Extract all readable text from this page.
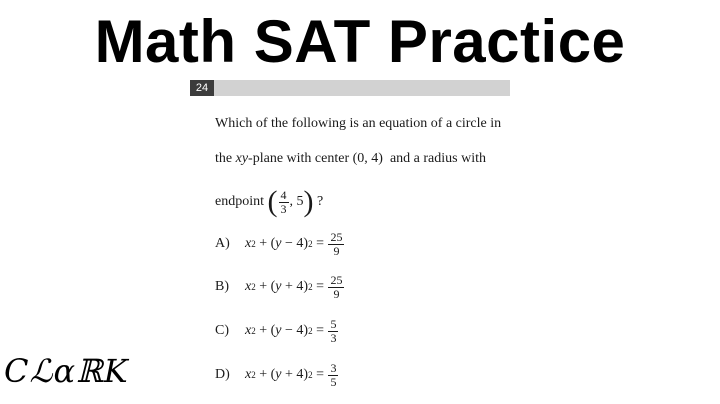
Math SAT Practice
24
Which of the following is an equation of a circle in
the xy-plane with center (0, 4)  and a radius with
endpoint ( $\frac{4}{3}$ , 5 ) ?
A)	x 2 + ( y
− 4) $2 = \frac{25}{9}$
B)	x 2 + ( y
+ 4) $2 = \frac{25}{9}$
C)	x 2 + ( y
− 4) $2 = \frac{5}{3}$
D)	x 2 + ( y
+ 4) $2 = \frac{3}{5}$
CℒαℝK
